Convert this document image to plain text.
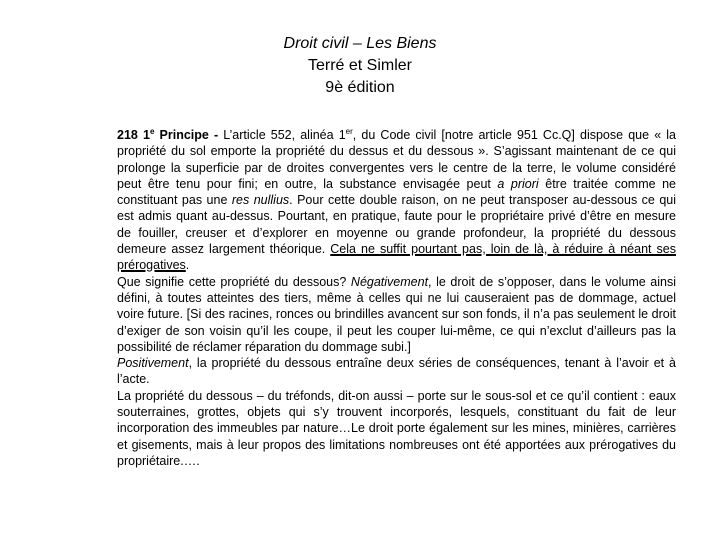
Droit civil – Les Biens
Terré et Simler
9è édition

218 1e Principe - L’article 552, alinéa 1er, du Code civil [notre article 951 Cc.Q] dispose que « la propriété du sol emporte la propriété du dessus et du dessous ». S’agissant maintenant de ce qui prolonge la superficie par de droites convergentes vers le centre de la terre, le volume considéré peut être tenu pour fini; en outre, la substance envisagée peut a priori être traitée comme ne constituant pas une res nullius. Pour cette double raison, on ne peut transposer au-dessous ce qui est admis quant au-dessus. Pourtant, en pratique, faute pour le propriétaire privé d’être en mesure de fouiller, creuser et d’explorer en moyenne ou grande profondeur, la propriété du dessous demeure assez largement théorique. Cela ne suffit pourtant pas, loin de là, à réduire à néant ses prérogatives.

Que signifie cette propriété du dessous? Négativement, le droit de s’opposer, dans le volume ainsi défini, à toutes atteintes des tiers, même à celles qui ne lui causeraient pas de dommage, actuel voire future. [Si des racines, ronces ou brindilles avancent sur son fonds, il n’a pas seulement le droit d’exiger de son voisin qu’il les coupe, il peut les couper lui-même, ce qui n’exclut d’ailleurs pas la possibilité de réclamer réparation du dommage subi.]

Positivement, la propriété du dessous entraîne deux séries de conséquences, tenant à l’avoir et à l’acte.

La propriété du dessous – du tréfonds, dit-on aussi – porte sur le sous-sol et ce qu’il contient : eaux souterraines, grottes, objets qui s’y trouvent incorporés, lesquels, constituant du fait de leur incorporation des immeubles par nature…Le droit porte également sur les mines, minières, carrières et gisements, mais à leur propos des limitations nombreuses ont été apportées aux prérogatives du propriétaire.….
